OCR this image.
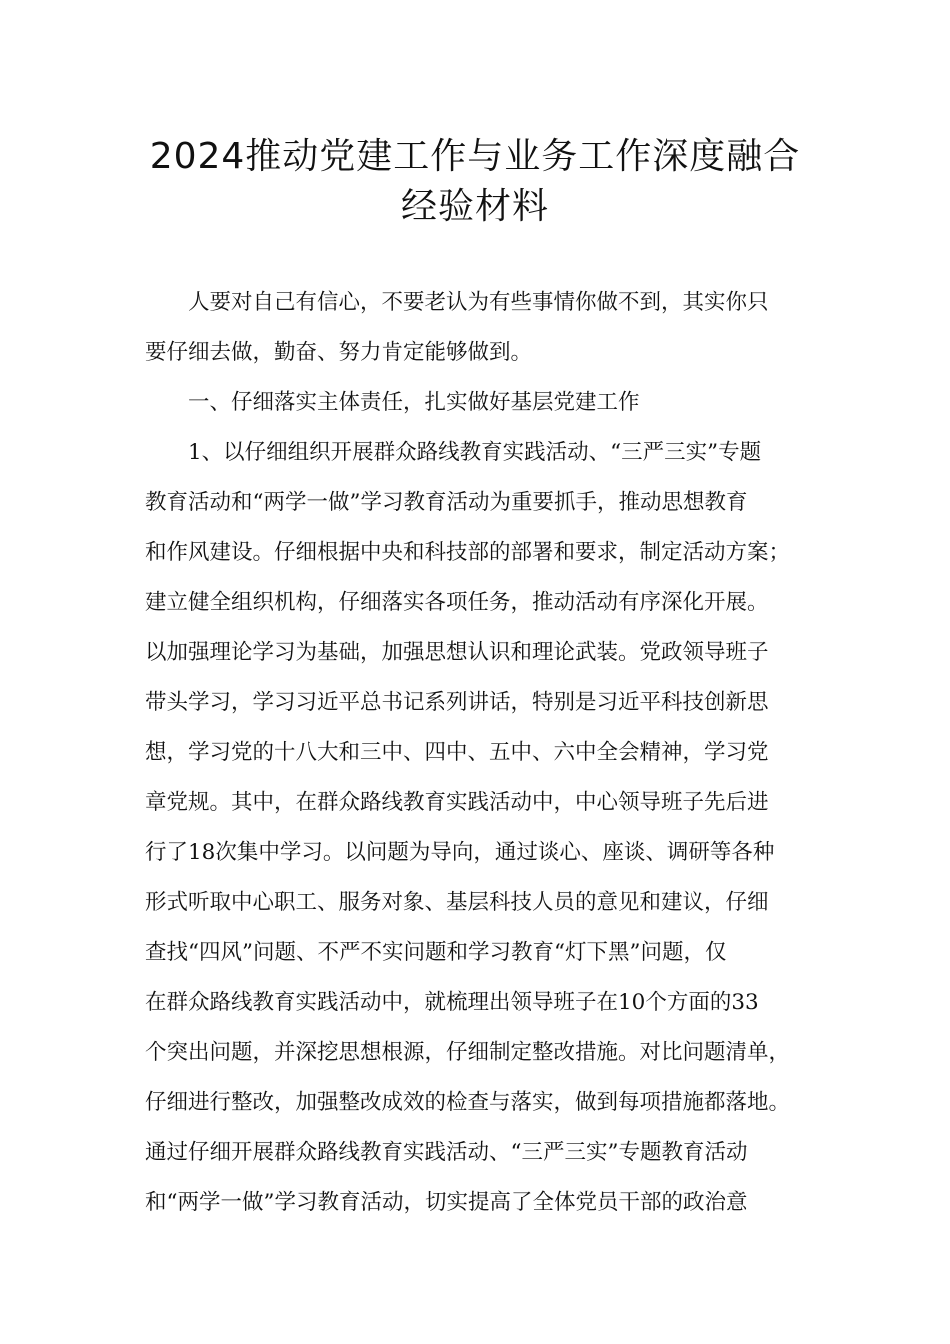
2024推动党建工作与业务工作深度融合
经验材料
人要对自己有信心，不要老认为有些事情你做不到，其实你只
要仔细去做，勤奋、努力肯定能够做到。
一、仔细落实主体责任，扎实做好基层党建工作
1、以仔细组织开展群众路线教育实践活动、“三严三实”专题
教育活动和“两学一做”学习教育活动为重要抓手，推动思想教育
和作风建设。仔细根据中央和科技部的部署和要求，制定活动方案；
建立健全组织机构，仔细落实各项任务，推动活动有序深化开展。
以加强理论学习为基础，加强思想认识和理论武装。党政领导班子
带头学习，学习习近平总书记系列讲话，特别是习近平科技创新思
想，学习党的十八大和三中、四中、五中、六中全会精神，学习党
章党规。其中，在群众路线教育实践活动中，中心领导班子先后进
行了18次集中学习。以问题为导向，通过谈心、座谈、调研等各种
形式听取中心职工、服务对象、基层科技人员的意见和建议，仔细
查找“四风”问题、不严不实问题和学习教育“灯下黑”问题，仅
在群众路线教育实践活动中，就梳理出领导班子在10个方面的33
个突出问题，并深挖思想根源，仔细制定整改措施。对比问题清单，
仔细进行整改，加强整改成效的检查与落实，做到每项措施都落地。
通过仔细开展群众路线教育实践活动、“三严三实”专题教育活动
和“两学一做”学习教育活动，切实提高了全体党员干部的政治意
